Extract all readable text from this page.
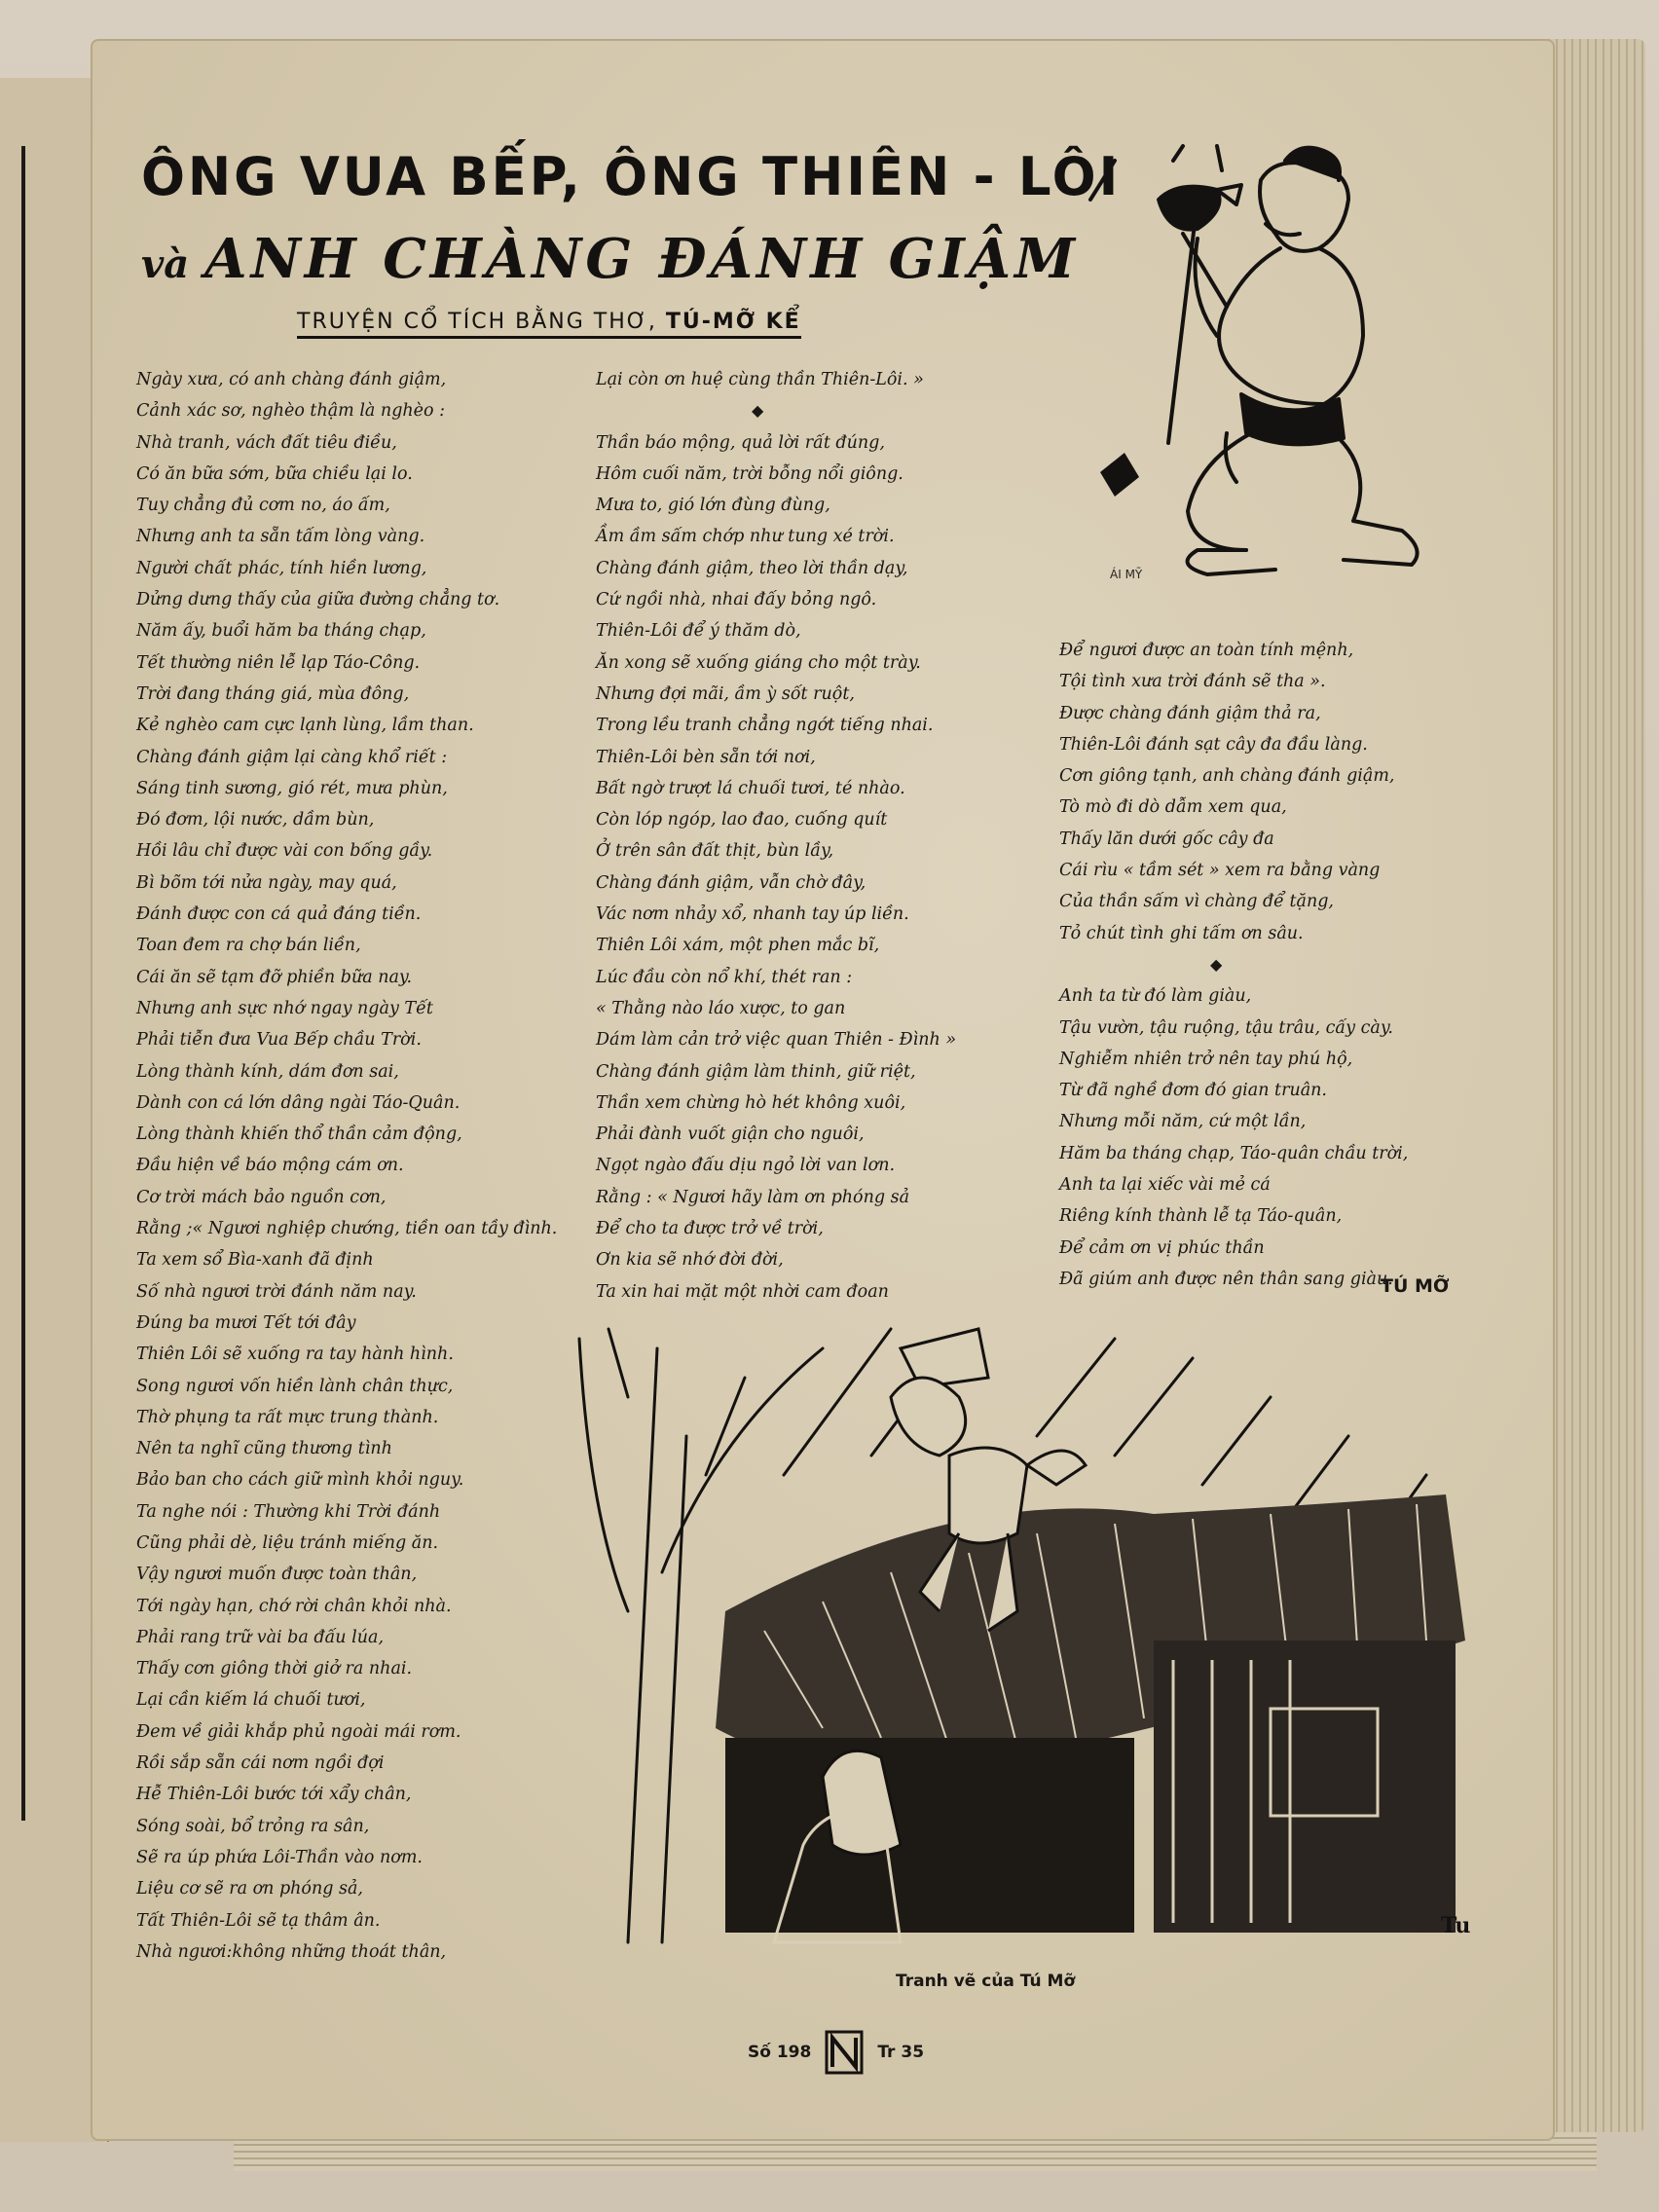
ÔNG VUA BẾP, ÔNG THIÊN - LÔI
và ANH CHÀNG ĐÁNH GIẬM
TRUYỆN CỔ TÍCH BẰNG THƠ, TÚ-MỠ KỂ
Ngày xưa, có anh chàng đánh giậm,
Cảnh xác sơ, nghèo thậm là nghèo :
Nhà tranh, vách đất tiêu điều,
Có ăn bữa sớm, bữa chiều lại lo.
Tuy chẳng đủ cơm no, áo ấm,
Nhưng anh ta sẵn tấm lòng vàng.
Người chất phác, tính hiền lương,
Dửng dưng thấy của giữa đường chẳng tơ.
Năm ấy, buổi hăm ba tháng chạp,
Tết thường niên lễ lạp Táo-Công.
Trời đang tháng giá, mùa đông,
Kẻ nghèo cam cực lạnh lùng, lầm than.
Chàng đánh giậm lại càng khổ riết :
Sáng tinh sương, gió rét, mưa phùn,
Đó đơm, lội nước, dầm bùn,
Hồi lâu chỉ được vài con bống gầy.
Bì bõm tới nửa ngày, may quá,
Đánh được con cá quả đáng tiền.
Toan đem ra chợ bán liền,
Cái ăn sẽ tạm đỡ phiền bữa nay.
Nhưng anh sực nhớ ngay ngày Tết
Phải tiễn đưa Vua Bếp chầu Trời.
Lòng thành kính, dám đơn sai,
Dành con cá lớn dâng ngài Táo-Quân.
Lòng thành khiến thổ thần cảm động,
Đầu hiện về báo mộng cám ơn.
Cơ trời mách bảo nguồn cơn,
Rằng ;« Ngươi nghiệp chướng, tiền oan tầy đình.
Ta xem sổ Bìa-xanh đã định
Số nhà ngươi trời đánh năm nay.
Đúng ba mươi Tết tới đây
Thiên Lôi sẽ xuống ra tay hành hình.
Song ngươi vốn hiền lành chân thực,
Thờ phụng ta rất mực trung thành.
Nên ta nghĩ cũng thương tình
Bảo ban cho cách giữ mình khỏi nguy.
Ta nghe nói : Thường khi Trời đánh
Cũng phải dè, liệu tránh miếng ăn.
Vậy ngươi muốn được toàn thân,
Tới ngày hạn, chớ rời chân khỏi nhà.
Phải rang trữ vài ba đấu lúa,
Thấy cơn giông thời giở ra nhai.
Lại cần kiếm lá chuối tươi,
Đem về giải khắp phủ ngoài mái rơm.
Rồi sắp sẵn cái nơm ngồi đợi
Hễ Thiên-Lôi bước tới xẩy chân,
Sóng soài, bổ trỏng ra sân,
Sẽ ra úp phứa Lôi-Thần vào nơm.
Liệu cơ sẽ ra ơn phóng sả,
Tất Thiên-Lôi sẽ tạ thâm ân.
Nhà ngươi:không những thoát thân,
Lại còn ơn huệ cùng thần Thiên-Lôi. »
◆
Thần báo mộng, quả lời rất đúng,
Hôm cuối năm, trời bỗng nổi giông.
Mưa to, gió lớn đùng đùng,
Ầm ầm sấm chớp như tung xé trời.
Chàng đánh giậm, theo lời thần dạy,
Cứ ngồi nhà, nhai đấy bỏng ngô.
Thiên-Lôi để ý thăm dò,
Ăn xong sẽ xuống giáng cho một trày.
Nhưng đợi mãi, ầm ỳ sốt ruột,
Trong lều tranh chẳng ngớt tiếng nhai.
Thiên-Lôi bèn sẵn tới nơi,
Bất ngờ trượt lá chuối tươi, té nhào.
Còn lóp ngóp, lao đao, cuống quít
Ở trên sân đất thịt, bùn lầy,
Chàng đánh giậm, vẫn chờ đây,
Vác nơm nhảy xổ, nhanh tay úp liền.
Thiên Lôi xám, một phen mắc bĩ,
Lúc đầu còn nổ khí, thét ran :
« Thằng nào láo xược, to gan
Dám làm cản trở việc quan Thiên - Đình »
Chàng đánh giậm làm thinh, giữ riệt,
Thần xem chừng hò hét không xuôi,
Phải đành vuốt giận cho nguôi,
Ngọt ngào đấu dịu ngỏ lời van lơn.
Rằng : « Ngươi hãy làm ơn phóng sả
Để cho ta được trở về trời,
Ơn kia sẽ nhớ đời đời,
Ta xin hai mặt một nhời cam đoan
Để ngươi được an toàn tính mệnh,
Tội tình xưa trời đánh sẽ tha ».
Được chàng đánh giậm thả ra,
Thiên-Lôi đánh sạt cây đa đầu làng.
Cơn giông tạnh, anh chàng đánh giậm,
Tò mò đi dò dẫm xem qua,
Thấy lăn dưới gốc cây đa
Cái rìu « tầm sét » xem ra bằng vàng
Của thần sấm vì chàng để tặng,
Tỏ chút tình ghi tấm ơn sâu.
◆
Anh ta từ đó làm giàu,
Tậu vườn, tậu ruộng, tậu trâu, cấy cày.
Nghiễm nhiên trở nên tay phú hộ,
Từ đã nghề đơm đó gian truân.
Nhưng mỗi năm, cứ một lần,
Hăm ba tháng chạp, Táo-quân chầu trời,
Anh ta lại xiếc vài mẻ cá
Riêng kính thành lễ tạ Táo-quân,
Để cảm ơn vị phúc thần
Đã giúm anh được nên thân sang giàu.
TÚ MỠ
ÁI MỸ
Tu
Tranh vẽ của Tú Mỡ
Số 198	Tr 35
